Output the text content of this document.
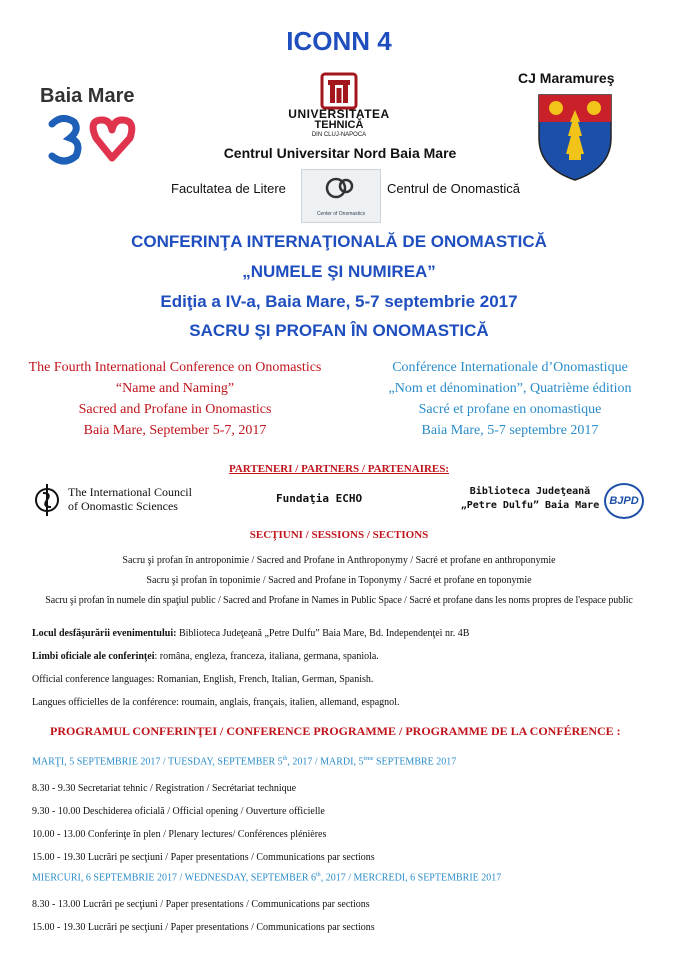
ICONN 4
Baia Mare
UNIVERSITATEA
TEHNICĂ
DIN CLUJ-NAPOCA
Centrul Universitar Nord Baia Mare
CJ Maramureş
Facultatea de Litere
Center of Onomastics
Centrul de Onomastică
CONFERINŢA INTERNAŢIONALĂ DE ONOMASTICĂ
„NUMELE ŞI NUMIREA”
Ediţia a IV-a, Baia Mare, 5-7 septembrie 2017
SACRU ŞI PROFAN ÎN ONOMASTICĂ
The Fourth International Conference on Onomastics
“Name and Naming”
Sacred and Profane in Onomastics
Baia Mare, September 5-7, 2017
Conférence Internationale d’Onomastique
„Nom et dénomination”, Quatrième édition
Sacré et profane en onomastique
Baia Mare, 5-7 septembre 2017
PARTENERI / PARTNERS / PARTENAIRES:
The International Council
of Onomastic Sciences
Fundaţia ECHO
Biblioteca Judeţeană
„Petre Dulfu” Baia Mare BJPD
SECŢIUNI / SESSIONS / SECTIONS
Sacru şi profan în antroponimie / Sacred and Profane in Anthroponymy / Sacré et profane en anthroponymie
Sacru şi profan în toponimie / Sacred and Profane in Toponymy / Sacré et profane en toponymie
Sacru şi profan în numele din spaţiul public / Sacred and Profane in Names in Public Space / Sacré et profane dans les noms propres de l'espace public
Locul desfăşurării evenimentului: Biblioteca Judeţeană „Petre Dulfu” Baia Mare, Bd. Independenţei nr. 4B
Limbi oficiale ale conferinţei: româna, engleza, franceza, italiana, germana, spaniola.
Official conference languages: Romanian, English, French, Italian, German, Spanish.
Langues officielles de la conférence: roumain, anglais, français, italien, allemand, espagnol.
PROGRAMUL CONFERINŢEI / CONFERENCE PROGRAMME / PROGRAMME DE LA CONFÉRENCE :
MARŢI, 5 SEPTEMBRIE 2017 / TUESDAY, SEPTEMBER 5th, 2017 / MARDI, 5ème SEPTEMBRE 2017
8.30 - 9.30 Secretariat tehnic / Registration / Secrétariat technique
9.30 - 10.00 Deschiderea oficială / Official opening / Ouverture officielle
10.00 - 13.00 Conferinţe în plen / Plenary lectures/ Conférences plénières
15.00 - 19.30 Lucrări pe secţiuni / Paper presentations / Communications par sections
MIERCURI, 6 SEPTEMBRIE 2017 / WEDNESDAY, SEPTEMBER 6th, 2017 / MERCREDI, 6 SEPTEMBRIE 2017
8.30 - 13.00 Lucrări pe secţiuni / Paper presentations / Communications par sections
15.00 - 19.30 Lucrări pe secţiuni / Paper presentations / Communications par sections
